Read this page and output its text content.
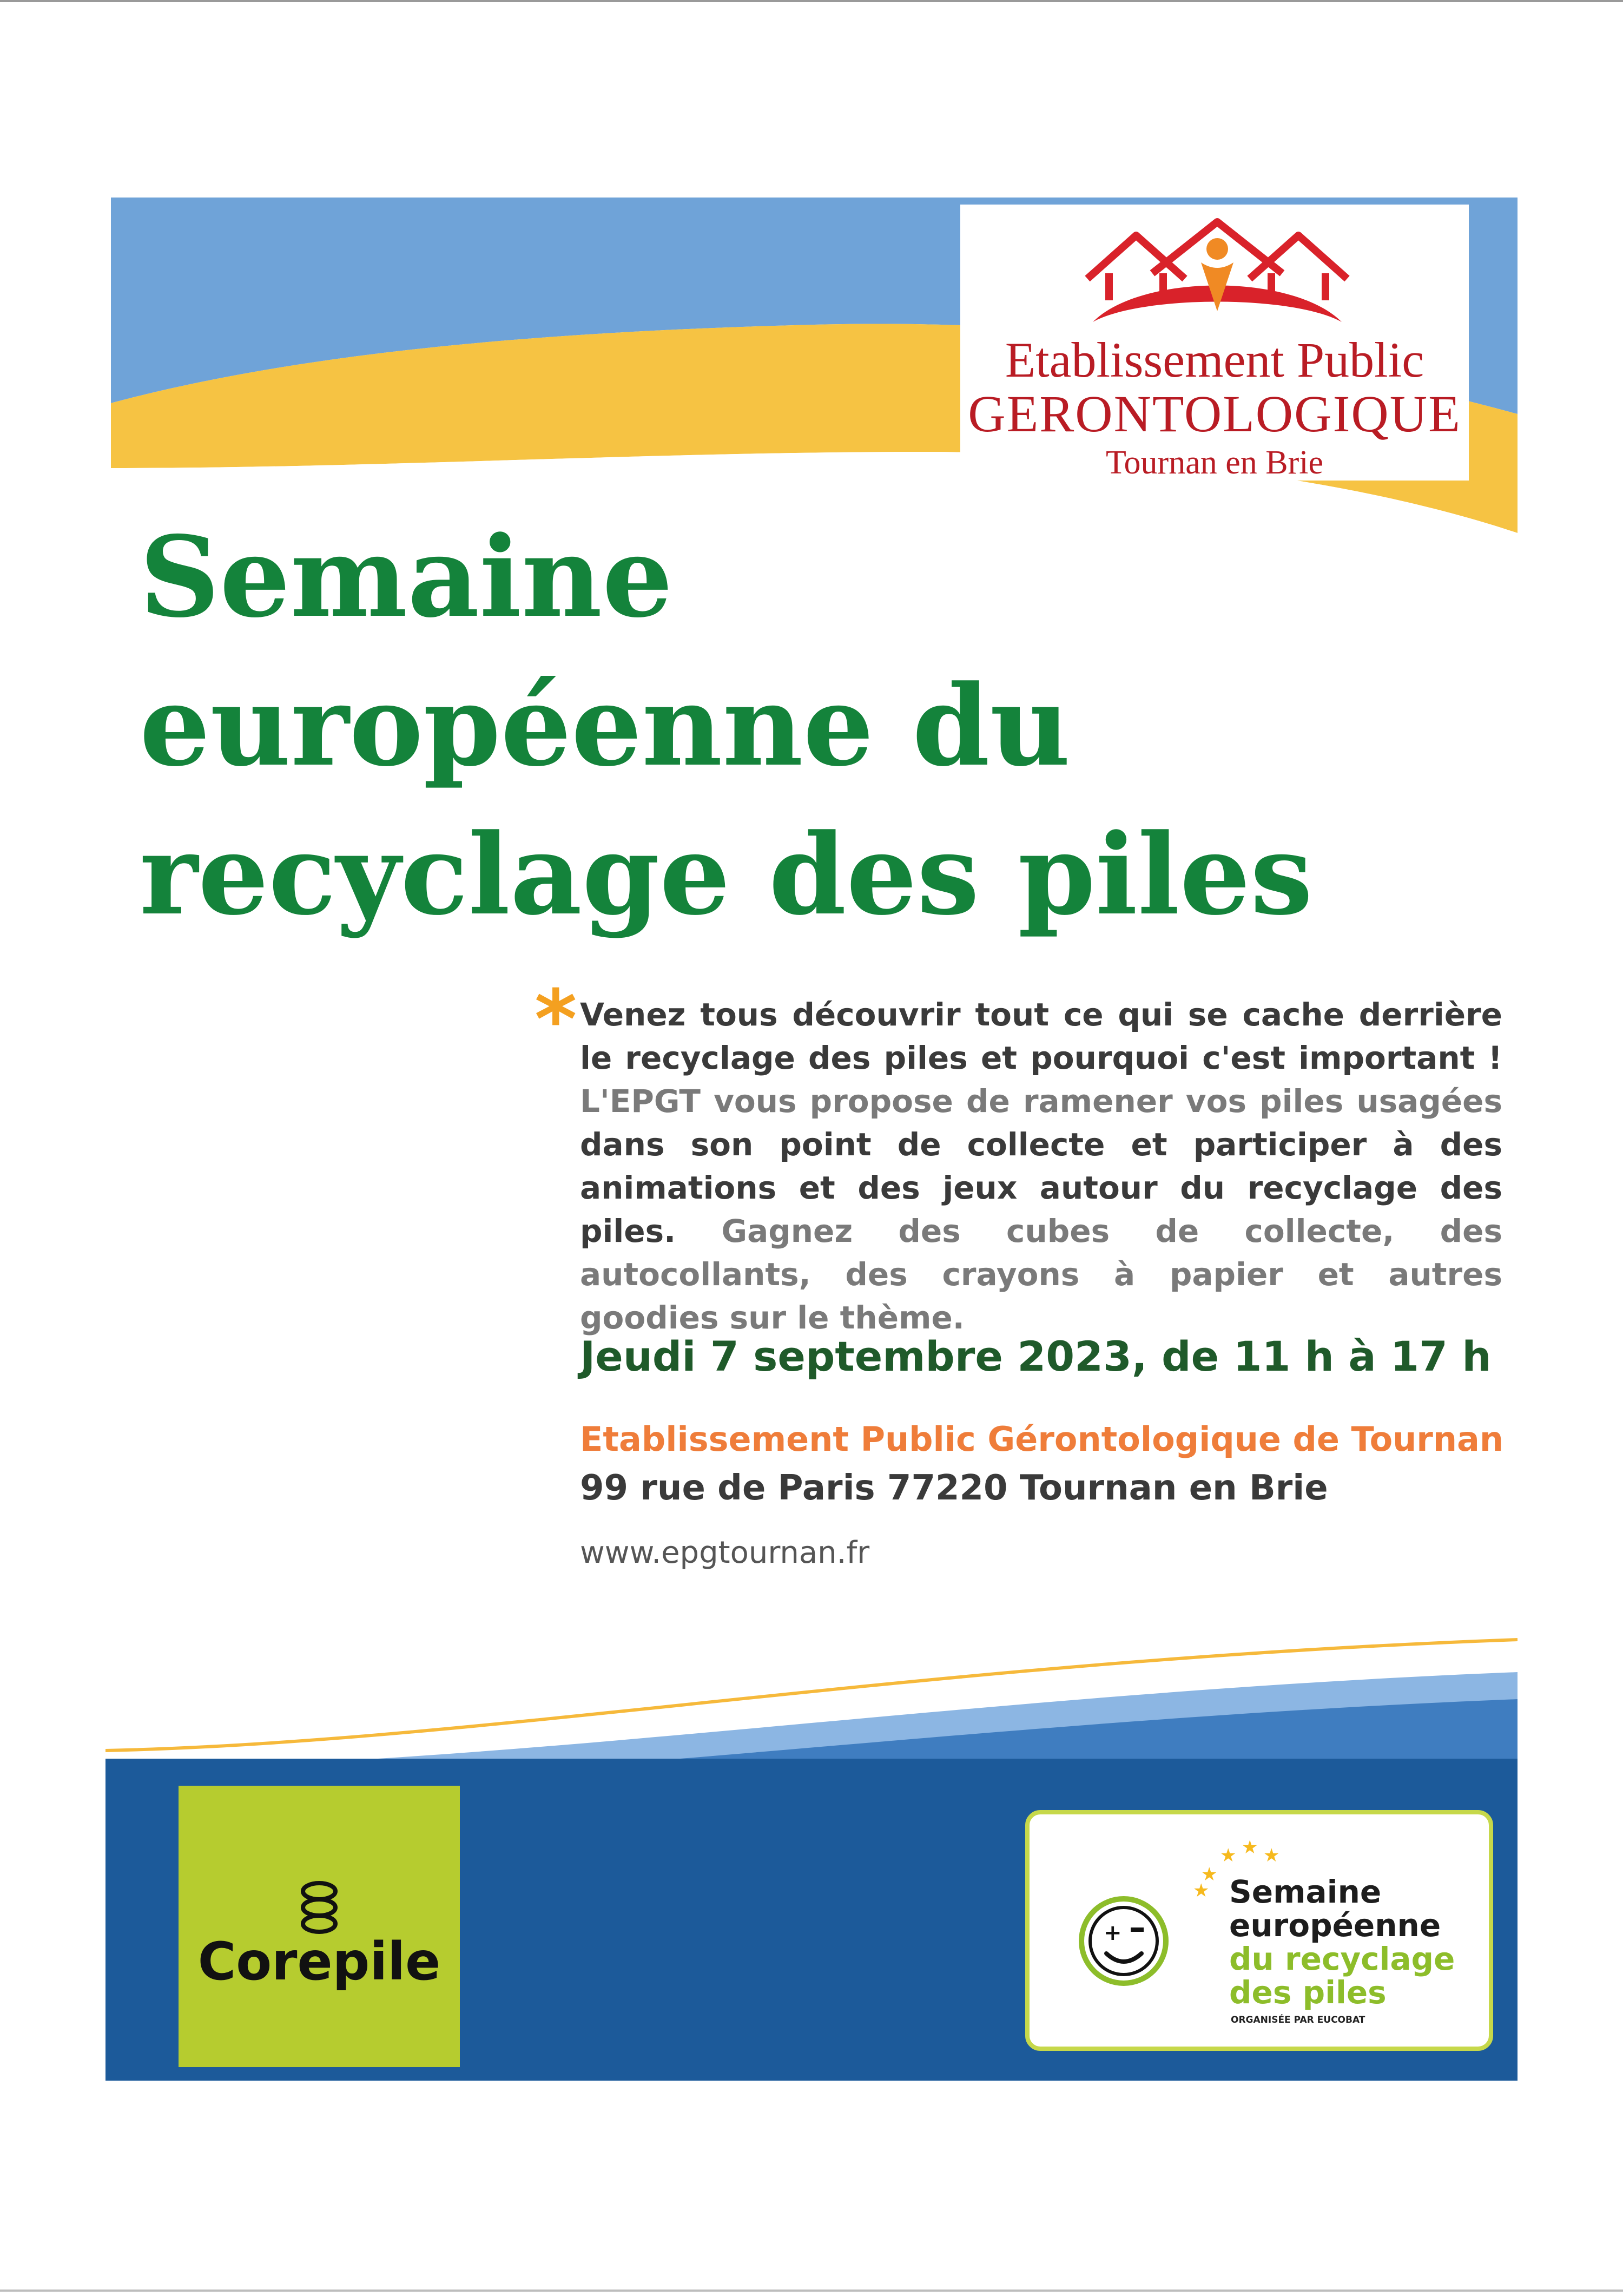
Etablissement Public
GERONTOLOGIQUE
Tournan en Brie
Semaine
européenne du
recyclage des piles
* Venez tous découvrir tout ce qui se cache derrière le recyclage des piles et pourquoi c'est important ! L'EPGT vous propose de ramener vos piles usagées dans son point de collecte et participer à des animations et des jeux autour du recyclage des piles. Gagnez des cubes de collecte, des autocollants, des crayons à papier et autres goodies sur le thème.
Jeudi 7 septembre 2023, de 11 h à 17 h
Etablissement Public Gérontologique de Tournan
99 rue de Paris 77220 Tournan en Brie
www.epgtournan.fr
Corepile
★
★ ★ ★
★
+
Semaine
européenne
du recyclage
des piles
ORGANISÉE PAR EUCOBAT
